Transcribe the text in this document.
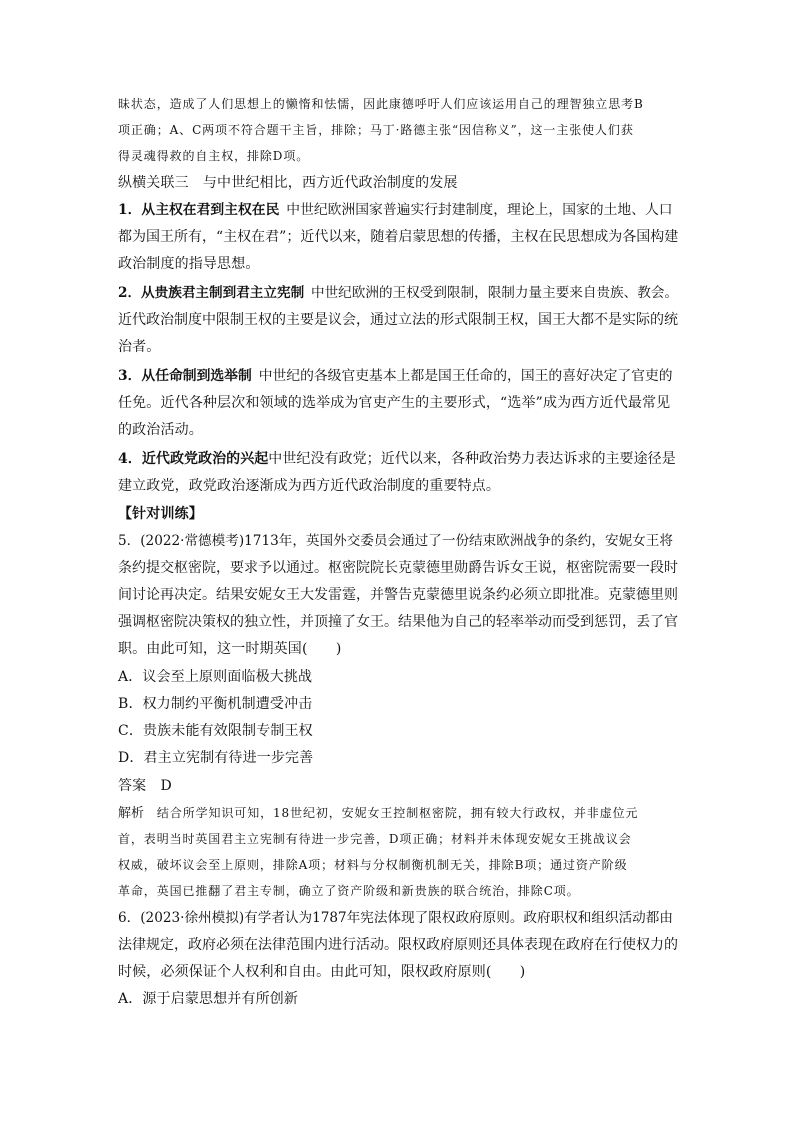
昧状态，造成了人们思想上的懒惰和怯懦，因此康德呼吁人们应该运用自己的理智独立思考B
项正确；A、C两项不符合题干主旨，排除；马丁·路德主张“因信称义”，这一主张使人们获
得灵魂得救的自主权，排除D项。
纵横关联三　 与中世纪相比，西方近代政治制度的发展
1．从主权在君到主权在民  中世纪欧洲国家普遍实行封建制度，理论上，国家的土地、人口
都为国王所有，“主权在君”；近代以来，随着启蒙思想的传播，主权在民思想成为各国构建
政治制度的指导思想。
2．从贵族君主制到君主立宪制  中世纪欧洲的王权受到限制，限制力量主要来自贵族、教会。
近代政治制度中限制王权的主要是议会，通过立法的形式限制王权，国王大都不是实际的统
治者。
3．从任命制到选举制  中世纪的各级官吏基本上都是国王任命的，国王的喜好决定了官吏的
任免。近代各种层次和领域的选举成为官吏产生的主要形式，“选举”成为西方近代最常见
的政治活动。
4．近代政党政治的兴起中世纪没有政党；近代以来，各种政治势力表达诉求的主要途径是
建立政党，政党政治逐渐成为西方近代政治制度的重要特点。
【针对训练】
5．(2022·常德模考)1713年，英国外交委员会通过了一份结束欧洲战争的条约，安妮女王将
条约提交枢密院，要求予以通过。枢密院院长克蒙德里勋爵告诉女王说，枢密院需要一段时
间讨论再决定。结果安妮女王大发雷霆，并警告克蒙德里说条约必须立即批准。克蒙德里则
强调枢密院决策权的独立性，并顶撞了女王。结果他为自己的轻率举动而受到惩罚，丢了官
职。由此可知，这一时期英国(　　)
A．议会至上原则面临极大挑战
B．权力制约平衡机制遭受冲击
C．贵族未能有效限制专制王权
D．君主立宪制有待进一步完善
答案　 D
解析　 结合所学知识可知，18世纪初，安妮女王控制枢密院，拥有较大行政权，并非虚位元
首，表明当时英国君主立宪制有待进一步完善，D项正确；材料并未体现安妮女王挑战议会
权威，破坏议会至上原则，排除A项；材料与分权制衡机制无关，排除B项；通过资产阶级
革命，英国已推翻了君主专制，确立了资产阶级和新贵族的联合统治，排除C项。
6．(2023·徐州模拟)有学者认为1787年宪法体现了限权政府原则。政府职权和组织活动都由
法律规定，政府必须在法律范围内进行活动。限权政府原则还具体表现在政府在行使权力的
时候，必须保证个人权利和自由。由此可知，限权政府原则(　　)
A．源于启蒙思想并有所创新
